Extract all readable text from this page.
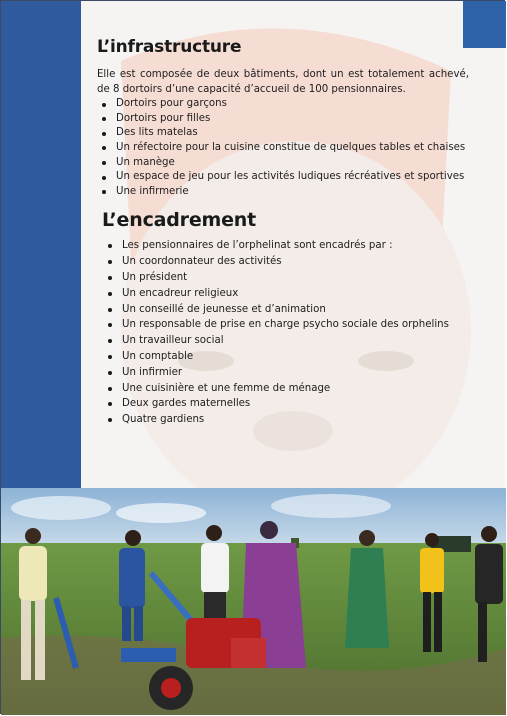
L’infrastructure

Elle est composée de deux bâtiments, dont un est totalement achevé, de 8 dortoirs d’une capacité d’accueil de 100 pensionnaires.

Dortoirs pour garçons
Dortoirs pour filles
Des lits matelas
Un réfectoire pour la cuisine constitue de quelques tables et chaises
Un manège
Un espace de jeu pour les activités ludiques récréatives et sportives
Une infirmerie
L’encadrement
Les pensionnaires de l’orphelinat sont encadrés par :
Un coordonnateur des activités
Un président
Un encadreur religieux
Un conseillé de jeunesse et d’animation
Un responsable de prise en charge psycho sociale des orphelins
Un travailleur social
Un comptable
Un infirmier
Une cuisinière et une femme de ménage
Deux gardes maternelles
Quatre gardiens
